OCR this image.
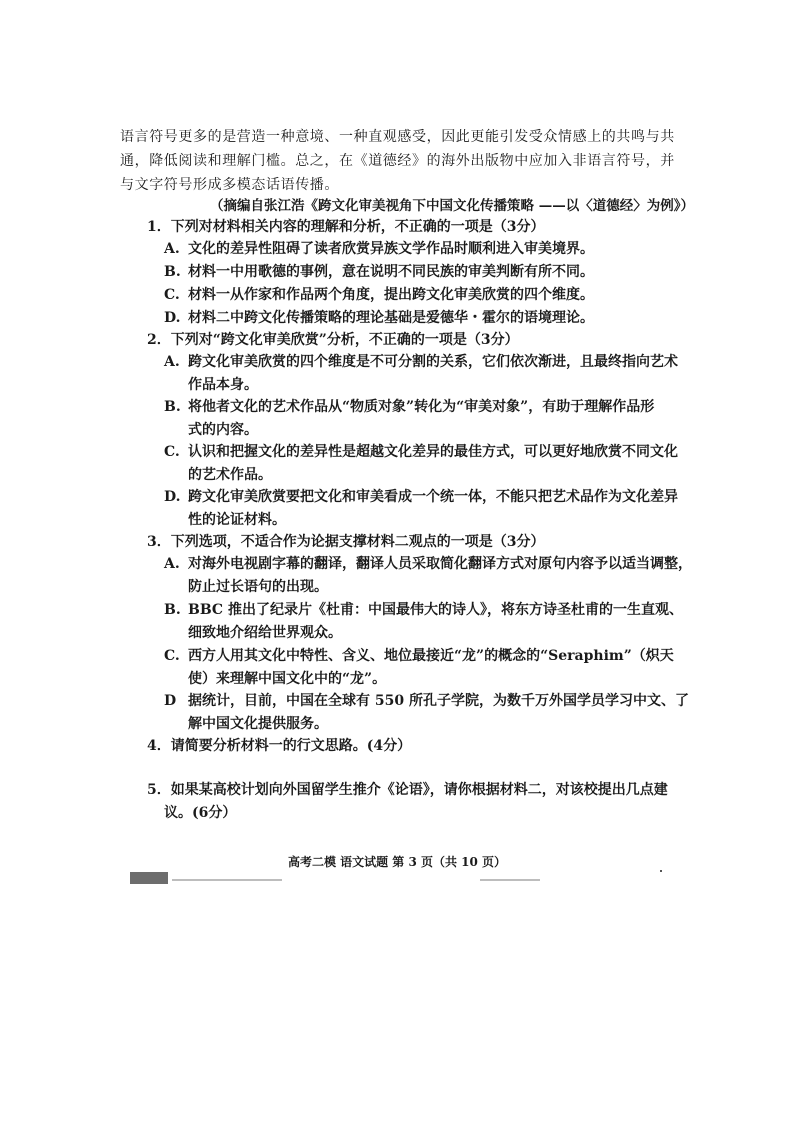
语言符号更多的是营造一种意境、一种直观感受，因此更能引发受众情感上的共鸣与共
通，降低阅读和理解门槛。总之，在《道德经》的海外出版物中应加入非语言符号，并
与文字符号形成多模态话语传播。
（摘编自张江浩《跨文化审美视角下中国文化传播策略 ——以〈道德经〉为例》）
1．下列对材料相关内容的理解和分析，不正确的一项是（3分）
A. 文化的差异性阻碍了读者欣赏异族文学作品时顺利进入审美境界。
B. 材料一中用歌德的事例，意在说明不同民族的审美判断有所不同。
C. 材料一从作家和作品两个角度，提出跨文化审美欣赏的四个维度。
D. 材料二中跨文化传播策略的理论基础是爱德华・霍尔的语境理论。
2．下列对“跨文化审美欣赏”分析，不正确的一项是（3分）
A. 跨文化审美欣赏的四个维度是不可分割的关系，它们依次渐进，且最终指向艺术
作品本身。
B. 将他者文化的艺术作品从“物质对象”转化为“审美对象”，有助于理解作品形
式的内容。
C. 认识和把握文化的差异性是超越文化差异的最佳方式，可以更好地欣赏不同文化
的艺术作品。
D. 跨文化审美欣赏要把文化和审美看成一个统一体，不能只把艺术品作为文化差异
性的论证材料。
3．下列选项，不适合作为论据支撑材料二观点的一项是（3分）
A. 对海外电视剧字幕的翻译，翻译人员采取简化翻译方式对原句内容予以适当调整，
防止过长语句的出现。
B. BBC 推出了纪录片《杜甫：中国最伟大的诗人》，将东方诗圣杜甫的一生直观、
细致地介绍给世界观众。
C. 西方人用其文化中特性、含义、地位最接近“龙”的概念的“Seraphim”（炽天
使）来理解中国文化中的“龙”。
D 据统计，目前，中国在全球有 550 所孔子学院，为数千万外国学员学习中文、了
解中国文化提供服务。
4．请简要分析材料一的行文思路。(4分）
5．如果某高校计划向外国留学生推介《论语》，请你根据材料二，对该校提出几点建
议。(6分）
高考二模 语文试题 第 3 页（共 10 页）
